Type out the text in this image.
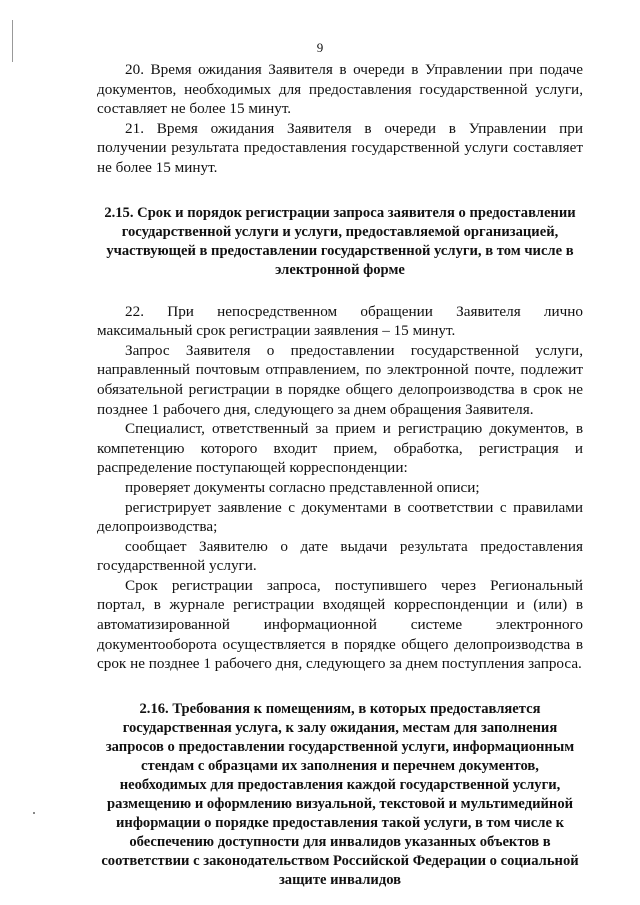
9

20. Время ожидания Заявителя в очереди в Управлении при подаче документов, необходимых для предоставления государственной услуги, составляет не более 15 минут.

21. Время ожидания Заявителя в очереди в Управлении при получении результата предоставления государственной услуги составляет не более 15 минут.

2.15. Срок и порядок регистрации запроса заявителя о предоставлении государственной услуги и услуги, предоставляемой организацией, участвующей в предоставлении государственной услуги, в том числе в электронной форме

22. При непосредственном обращении Заявителя лично максимальный срок регистрации заявления – 15 минут.

Запрос Заявителя о предоставлении государственной услуги, направленный почтовым отправлением, по электронной почте, подлежит обязательной регистрации в порядке общего делопроизводства в срок не позднее 1 рабочего дня, следующего за днем обращения Заявителя.

Специалист, ответственный за прием и регистрацию документов, в компетенцию которого входит прием, обработка, регистрация и распределение поступающей корреспонденции:

проверяет документы согласно представленной описи;

регистрирует заявление с документами в соответствии с правилами делопроизводства;

сообщает Заявителю о дате выдачи результата предоставления государственной услуги.

Срок регистрации запроса, поступившего через Региональный портал, в журнале регистрации входящей корреспонденции и (или) в автоматизированной информационной системе электронного документооборота осуществляется в порядке общего делопроизводства в срок не позднее 1 рабочего дня, следующего за днем поступления запроса.

2.16. Требования к помещениям, в которых предоставляется государственная услуга, к залу ожидания, местам для заполнения запросов о предоставлении государственной услуги, информационным стендам с образцами их заполнения и перечнем документов, необходимых для предоставления каждой государственной услуги, размещению и оформлению визуальной, текстовой и мультимедийной информации о порядке предоставления такой услуги, в том числе к обеспечению доступности для инвалидов указанных объектов в соответствии с законодательством Российской Федерации о социальной защите инвалидов
